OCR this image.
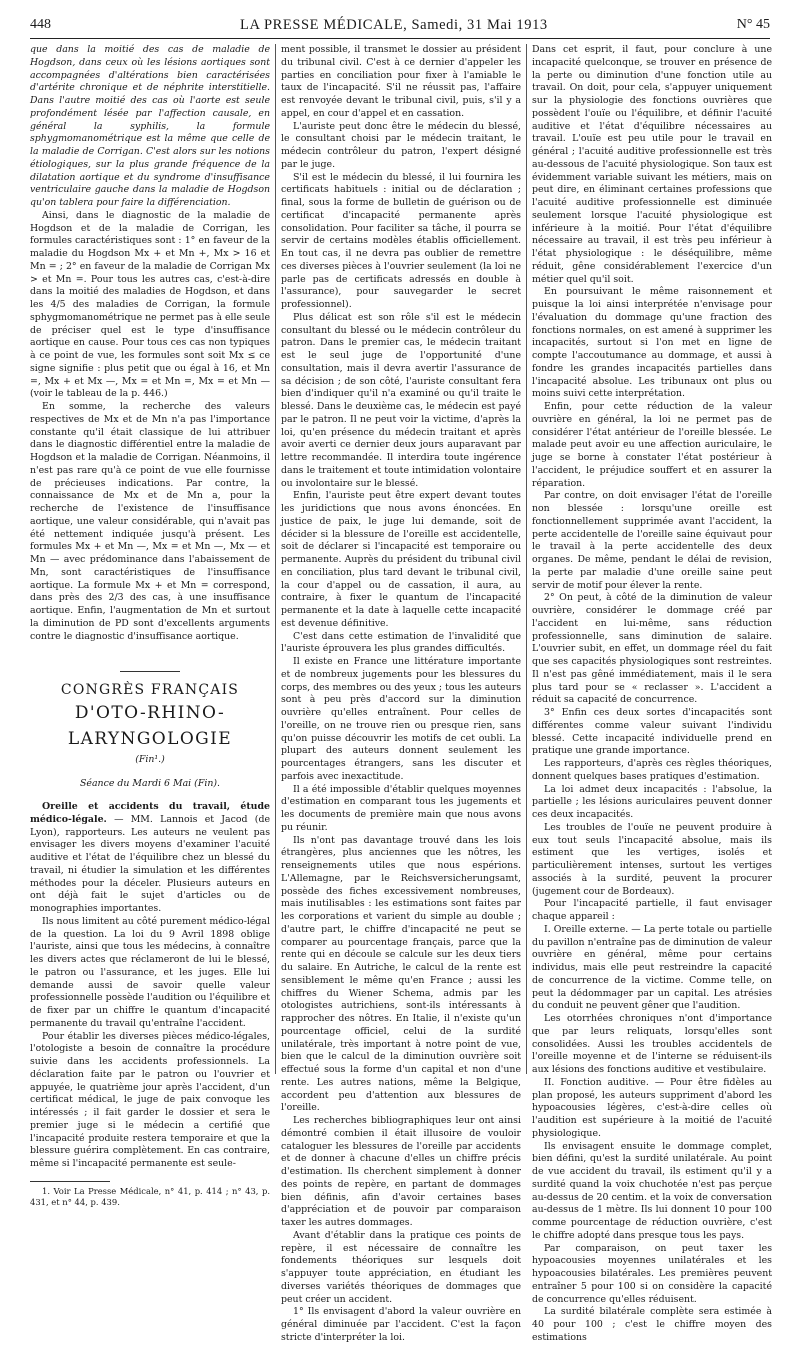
448	LA PRESSE MÉDICALE, Samedi, 31 Mai 1913	N° 45

que dans la moitié des cas de maladie de Hogdson, dans ceux où les lésions aortiques sont accompagnées d'altérations bien caractérisées d'artérite chronique et de néphrite interstitielle. Dans l'autre moitié des cas où l'aorte est seule profondément lésée par l'affection causale, en général la syphilis, la formule sphygmomanométrique est la même que celle de la maladie de Corrigan. C'est alors sur les notions étiologiques, sur la plus grande fréquence de la dilatation aortique et du syndrome d'insuffisance ventriculaire gauche dans la maladie de Hogdson qu'on tablera pour faire la différenciation.

Ainsi, dans le diagnostic de la maladie de Hogdson et de la maladie de Corrigan, les formules caractéristiques sont : 1° en faveur de la maladie du Hogdson Mx + et Mn +, Mx > 16 et Mn = ; 2° en faveur de la maladie de Corrigan Mx > et Mn =. Pour tous les autres cas, c'est-à-dire dans la moitié des maladies de Hogdson, et dans les 4/5 des maladies de Corrigan, la formule sphygmomanométrique ne permet pas à elle seule de préciser quel est le type d'insuffisance aortique en cause. Pour tous ces cas non typiques à ce point de vue, les formules sont soit Mx ≤ ce signe signifie : plus petit que ou égal à 16, et Mn =, Mx + et Mx —, Mx = et Mn =, Mx = et Mn — (voir le tableau de la p. 446.)

En somme, la recherche des valeurs respectives de Mx et de Mn n'a pas l'importance constante qu'il était classique de lui attribuer dans le diagnostic différentiel entre la maladie de Hogdson et la maladie de Corrigan. Néanmoins, il n'est pas rare qu'à ce point de vue elle fournisse de précieuses indications. Par contre, la connaissance de Mx et de Mn a, pour la recherche de l'existence de l'insuffisance aortique, une valeur considérable, qui n'avait pas été nettement indiquée jusqu'à présent. Les formules Mx + et Mn —, Mx = et Mn —, Mx — et Mn — avec prédominance dans l'abaissement de Mn, sont caractéristiques de l'insuffisance aortique. La formule Mx + et Mn = correspond, dans près des 2/3 des cas, à une insuffisance aortique. Enfin, l'augmentation de Mn et surtout la diminution de PD sont d'excellents arguments contre le diagnostic d'insuffisance aortique.

CONGRÈS FRANÇAIS
D'OTO-RHINO-LARYNGOLOGIE
(Fin¹.)
Séance du Mardi 6 Mai (Fin).

Oreille et accidents du travail, étude médico-légale. — MM. Lannois et Jacod (de Lyon), rapporteurs. Les auteurs ne veulent pas envisager les divers moyens d'examiner l'acuité auditive et l'état de l'équilibre chez un blessé du travail, ni étudier la simulation et les différentes méthodes pour la déceler. Plusieurs auteurs en ont déjà fait le sujet d'articles ou de monographies importantes.

Ils nous limitent au côté purement médico-légal de la question. La loi du 9 Avril 1898 oblige l'auriste, ainsi que tous les médecins, à connaître les divers actes que réclameront de lui le blessé, le patron ou l'assurance, et les juges. Elle lui demande aussi de savoir quelle valeur professionnelle possède l'audition ou l'équilibre et de fixer par un chiffre le quantum d'incapacité permanente du travail qu'entraîne l'accident.

Pour établir les diverses pièces médico-légales, l'otologiste a besoin de connaître la procédure suivie dans les accidents professionnels. La déclaration faite par le patron ou l'ouvrier et appuyée, le quatrième jour après l'accident, d'un certificat médical, le juge de paix convoque les intéressés ; il fait garder le dossier et sera le premier juge si le médecin a certifié que l'incapacité produite restera temporaire et que la blessure guérira complètement. En cas contraire, même si l'incapacité permanente est seule-

1. Voir La Presse Médicale, n° 41, p. 414 ; n° 43, p. 431, et n° 44, p. 439.

ment possible, il transmet le dossier au président du tribunal civil. C'est à ce dernier d'appeler les parties en conciliation pour fixer à l'amiable le taux de l'incapacité. S'il ne réussit pas, l'affaire est renvoyée devant le tribunal civil, puis, s'il y a appel, en cour d'appel et en cassation.

L'auriste peut donc être le médecin du blessé, le consultant choisi par le médecin traitant, le médecin contrôleur du patron, l'expert désigné par le juge.

S'il est le médecin du blessé, il lui fournira les certificats habituels : initial ou de déclaration ; final, sous la forme de bulletin de guérison ou de certificat d'incapacité permanente après consolidation. Pour faciliter sa tâche, il pourra se servir de certains modèles établis officiellement. En tout cas, il ne devra pas oublier de remettre ces diverses pièces à l'ouvrier seulement (la loi ne parle pas de certificats adressés en double à l'assurance), pour sauvegarder le secret professionnel).

Plus délicat est son rôle s'il est le médecin consultant du blessé ou le médecin contrôleur du patron. Dans le premier cas, le médecin traitant est le seul juge de l'opportunité d'une consultation, mais il devra avertir l'assurance de sa décision ; de son côté, l'auriste consultant fera bien d'indiquer qu'il n'a examiné ou qu'il traite le blessé. Dans le deuxième cas, le médecin est payé par le patron. Il ne peut voir la victime, d'après la loi, qu'en présence du médecin traitant et après avoir averti ce dernier deux jours auparavant par lettre recommandée. Il interdira toute ingérence dans le traitement et toute intimidation volontaire ou involontaire sur le blessé.

Enfin, l'auriste peut être expert devant toutes les juridictions que nous avons énoncées. En justice de paix, le juge lui demande, soit de décider si la blessure de l'oreille est accidentelle, soit de déclarer si l'incapacité est temporaire ou permanente. Auprès du président du tribunal civil en conciliation, plus tard devant le tribunal civil, la cour d'appel ou de cassation, il aura, au contraire, à fixer le quantum de l'incapacité permanente et la date à laquelle cette incapacité est devenue définitive.

C'est dans cette estimation de l'invalidité que l'auriste éprouvera les plus grandes difficultés.

Il existe en France une littérature importante et de nombreux jugements pour les blessures du corps, des membres ou des yeux ; tous les auteurs sont à peu près d'accord sur la diminution ouvrière qu'elles entraînent. Pour celles de l'oreille, on ne trouve rien ou presque rien, sans qu'on puisse découvrir les motifs de cet oubli. La plupart des auteurs donnent seulement les pourcentages étrangers, sans les discuter et parfois avec inexactitude.

Il a été impossible d'établir quelques moyennes d'estimation en comparant tous les jugements et les documents de première main que nous avons pu réunir.

Ils n'ont pas davantage trouvé dans les lois étrangères, plus anciennes que les nôtres, les renseignements utiles que nous espérions. L'Allemagne, par le Reichsversicherungsamt, possède des fiches excessivement nombreuses, mais inutilisables : les estimations sont faites par les corporations et varient du simple au double ; d'autre part, le chiffre d'incapacité ne peut se comparer au pourcentage français, parce que la rente qui en découle se calcule sur les deux tiers du salaire. En Autriche, le calcul de la rente est sensiblement le même qu'en France ; aussi les chiffres du Wiener Schema, admis par les otologistes autrichiens, sont-ils intéressants à rapprocher des nôtres. En Italie, il n'existe qu'un pourcentage officiel, celui de la surdité unilatérale, très important à notre point de vue, bien que le calcul de la diminution ouvrière soit effectué sous la forme d'un capital et non d'une rente. Les autres nations, même la Belgique, accordent peu d'attention aux blessures de l'oreille.

Les recherches bibliographiques leur ont ainsi démontré combien il était illusoire de vouloir cataloguer les blessures de l'oreille par accidents et de donner à chacune d'elles un chiffre précis d'estimation. Ils cherchent simplement à donner des points de repère, en partant de dommages bien définis, afin d'avoir certaines bases d'appréciation et de pouvoir par comparaison taxer les autres dommages.

Avant d'établir dans la pratique ces points de repère, il est nécessaire de connaître les fondements théoriques sur lesquels doit s'appuyer toute appréciation, en étudiant les diverses variétés théoriques de dommages que peut créer un accident.

1° Ils envisagent d'abord la valeur ouvrière en général diminuée par l'accident. C'est la façon stricte d'interpréter la loi.

Dans cet esprit, il faut, pour conclure à une incapacité quelconque, se trouver en présence de la perte ou diminution d'une fonction utile au travail. On doit, pour cela, s'appuyer uniquement sur la physiologie des fonctions ouvrières que possèdent l'ouïe ou l'équilibre, et définir l'acuité auditive et l'état d'équilibre nécessaires au travail. L'ouïe est peu utile pour le travail en général ; l'acuité auditive professionnelle est très au-dessous de l'acuité physiologique. Son taux est évidemment variable suivant les métiers, mais on peut dire, en éliminant certaines professions que l'acuité auditive professionnelle est diminuée seulement lorsque l'acuité physiologique est inférieure à la moitié. Pour l'état d'équilibre nécessaire au travail, il est très peu inférieur à l'état physiologique : le déséquilibre, même réduit, gêne considérablement l'exercice d'un métier quel qu'il soit.

En poursuivant le même raisonnement et puisque la loi ainsi interprétée n'envisage pour l'évaluation du dommage qu'une fraction des fonctions normales, on est amené à supprimer les incapacités, surtout si l'on met en ligne de compte l'accoutumance au dommage, et aussi à fondre les grandes incapacités partielles dans l'incapacité absolue. Les tribunaux ont plus ou moins suivi cette interprétation.

Enfin, pour cette réduction de la valeur ouvrière en général, la loi ne permet pas de considérer l'état antérieur de l'oreille blessée. Le malade peut avoir eu une affection auriculaire, le juge se borne à constater l'état postérieur à l'accident, le préjudice souffert et en assurer la réparation.

Par contre, on doit envisager l'état de l'oreille non blessée : lorsqu'une oreille est fonctionnellement supprimée avant l'accident, la perte accidentelle de l'oreille saine équivaut pour le travail à la perte accidentelle des deux organes. De même, pendant le délai de revision, la perte par maladie d'une oreille saine peut servir de motif pour élever la rente.

2° On peut, à côté de la diminution de valeur ouvrière, considérer le dommage créé par l'accident en lui-même, sans réduction professionnelle, sans diminution de salaire. L'ouvrier subit, en effet, un dommage réel du fait que ses capacités physiologiques sont restreintes. Il n'est pas gêné immédiatement, mais il le sera plus tard pour se « reclasser ». L'accident a réduit sa capacité de concurrence.

3° Enfin ces deux sortes d'incapacités sont différentes comme valeur suivant l'individu blessé. Cette incapacité individuelle prend en pratique une grande importance.

Les rapporteurs, d'après ces règles théoriques, donnent quelques bases pratiques d'estimation.

La loi admet deux incapacités : l'absolue, la partielle ; les lésions auriculaires peuvent donner ces deux incapacités.

Les troubles de l'ouïe ne peuvent produire à eux tout seuls l'incapacité absolue, mais ils estiment que les vertiges, isolés et particulièrement intenses, surtout les vertiges associés à la surdité, peuvent la procurer (jugement cour de Bordeaux).

Pour l'incapacité partielle, il faut envisager chaque appareil :

I. Oreille externe. — La perte totale ou partielle du pavillon n'entraîne pas de diminution de valeur ouvrière en général, même pour certains individus, mais elle peut restreindre la capacité de concurrence de la victime. Comme telle, on peut la dédommager par un capital. Les atrésies du conduit ne peuvent gêner que l'audition.

Les otorrhées chroniques n'ont d'importance que par leurs reliquats, lorsqu'elles sont consolidées. Aussi les troubles accidentels de l'oreille moyenne et de l'interne se réduisent-ils aux lésions des fonctions auditive et vestibulaire.

II. Fonction auditive. — Pour être fidèles au plan proposé, les auteurs suppriment d'abord les hypoacousies légères, c'est-à-dire celles où l'audition est supérieure à la moitié de l'acuité physiologique.

Ils envisagent ensuite le dommage complet, bien défini, qu'est la surdité unilatérale. Au point de vue accident du travail, ils estiment qu'il y a surdité quand la voix chuchotée n'est pas perçue au-dessus de 20 centim. et la voix de conversation au-dessus de 1 mètre. Ils lui donnent 10 pour 100 comme pourcentage de réduction ouvrière, c'est le chiffre adopté dans presque tous les pays.

Par comparaison, on peut taxer les hypoacousies moyennes unilatérales et les hypoacousies bilatérales. Les premières peuvent entraîner 5 pour 100 si on considère la capacité de concurrence qu'elles réduisent.

La surdité bilatérale complète sera estimée à 40 pour 100 ; c'est le chiffre moyen des estimations
